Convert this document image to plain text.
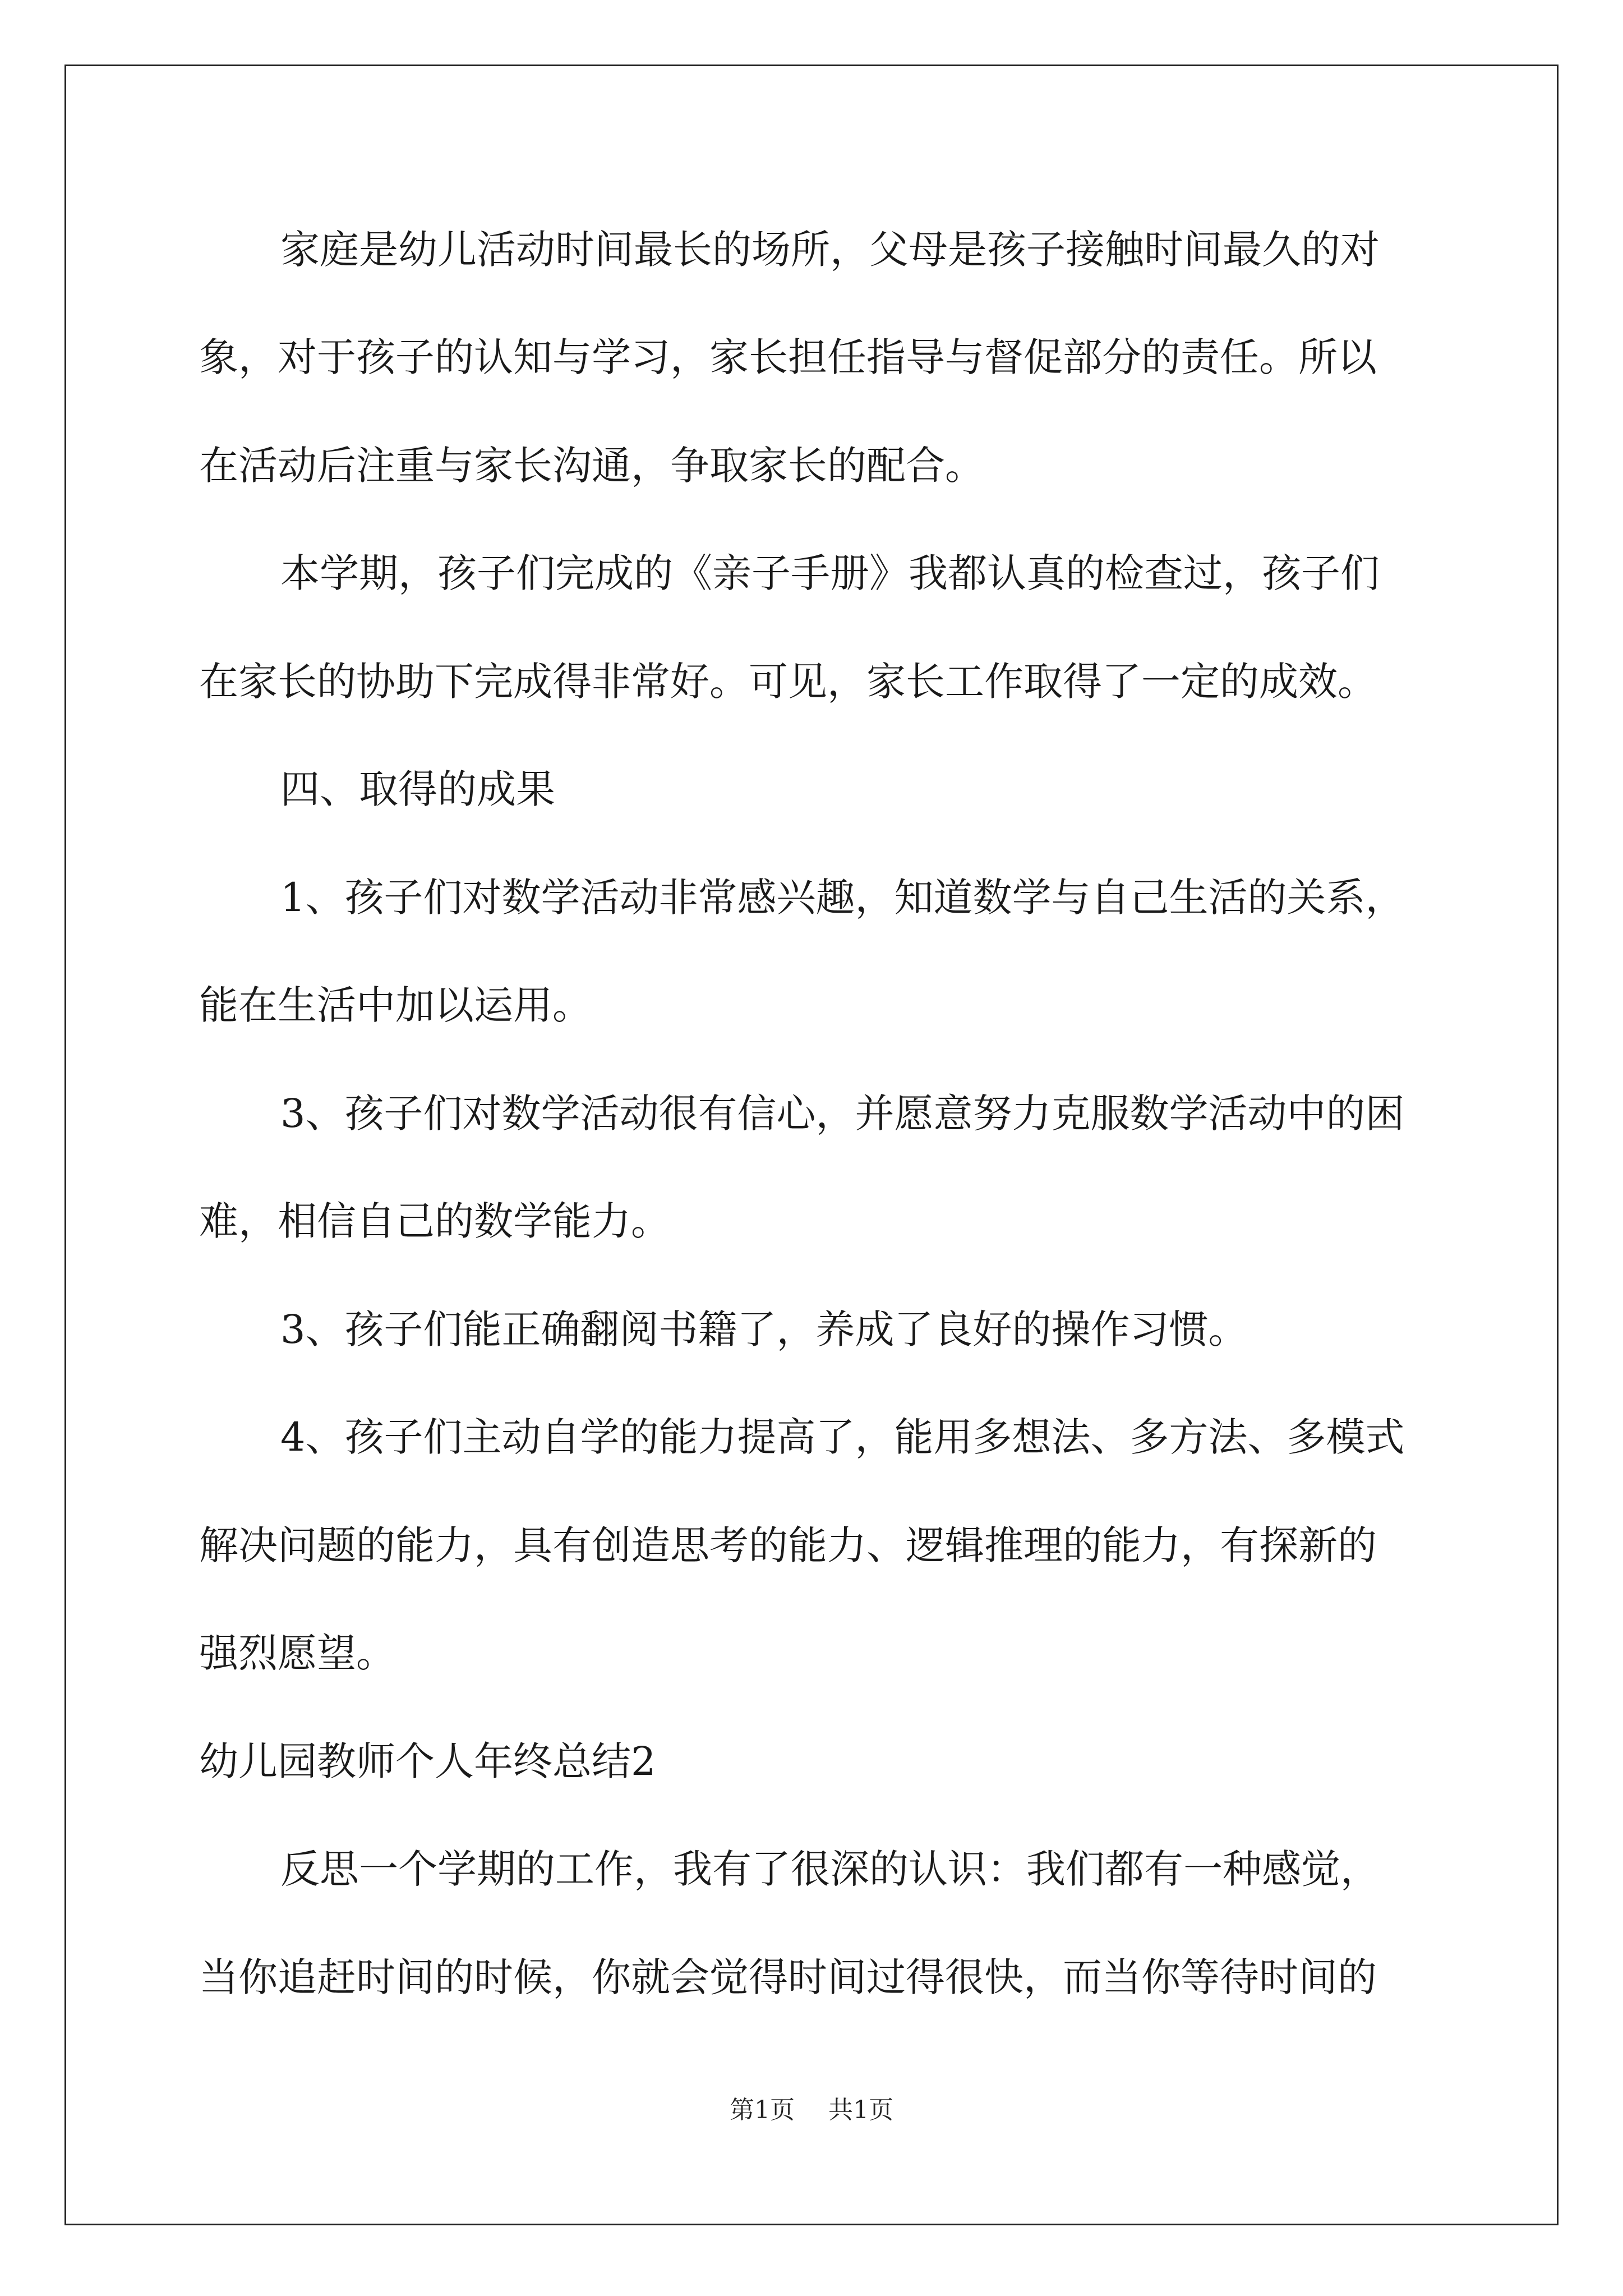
家庭是幼儿活动时间最长的场所，父母是孩子接触时间最久的对

象，对于孩子的认知与学习，家长担任指导与督促部分的责任。所以

在活动后注重与家长沟通，争取家长的配合。

本学期，孩子们完成的《亲子手册》我都认真的检查过，孩子们

在家长的协助下完成得非常好。可见，家长工作取得了一定的成效。

四、取得的成果

1、孩子们对数学活动非常感兴趣，知道数学与自己生活的关系，

能在生活中加以运用。

3、孩子们对数学活动很有信心，并愿意努力克服数学活动中的困

难，相信自己的数学能力。

3、孩子们能正确翻阅书籍了，养成了良好的操作习惯。

4、孩子们主动自学的能力提高了，能用多想法、多方法、多模式

解决问题的能力，具有创造思考的能力、逻辑推理的能力，有探新的

强烈愿望。

幼儿园教师个人年终总结2

反思一个学期的工作，我有了很深的认识：我们都有一种感觉，

当你追赶时间的时候，你就会觉得时间过得很快，而当你等待时间的

第1页 共1页
